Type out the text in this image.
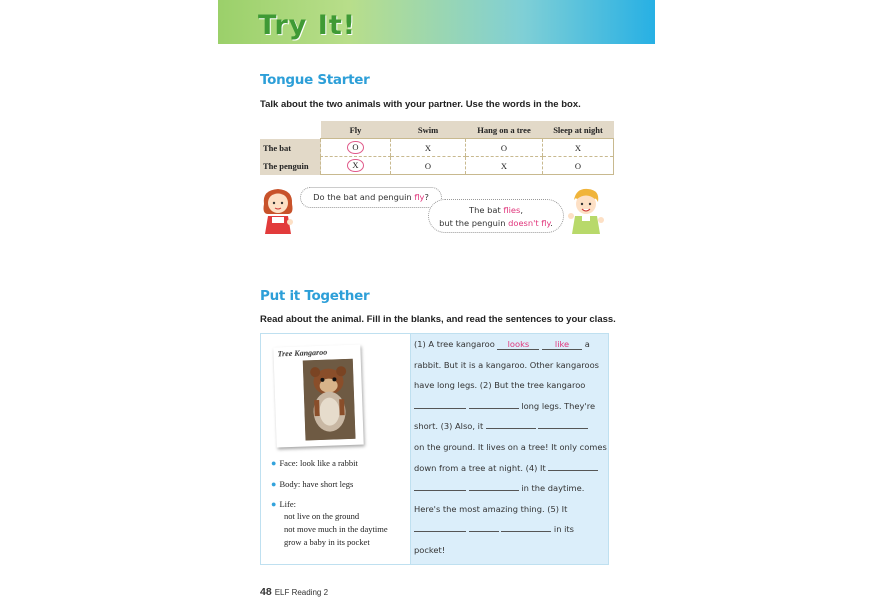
Try It!
Tongue Starter
Talk about the two animals with your partner. Use the words in the box.
	Fly	Swim	Hang on a tree	Sleep at night
The bat	O	X	O	X
The penguin	X	O	X	O
Do the bat and penguin fly?
The bat flies,
but the penguin doesn't fly.
Put it Together
Read about the animal. Fill in the blanks, and read the sentences to your class.
Tree Kangaroo
● Face: look like a rabbit
● Body: have short legs
● Life:
not live on the ground
not move much in the daytime
grow a baby in its pocket
(1) A tree kangaroo looks	like a
rabbit. But it is a kangaroo. Other kangaroos
have long legs. (2) But the tree kangaroo
long legs. They're
short. (3) Also, it
on the ground. It lives on a tree! It only comes
down from a tree at night. (4) It
in the daytime.
Here's the most amazing thing. (5) It
in its
pocket!
48 ELF Reading 2
